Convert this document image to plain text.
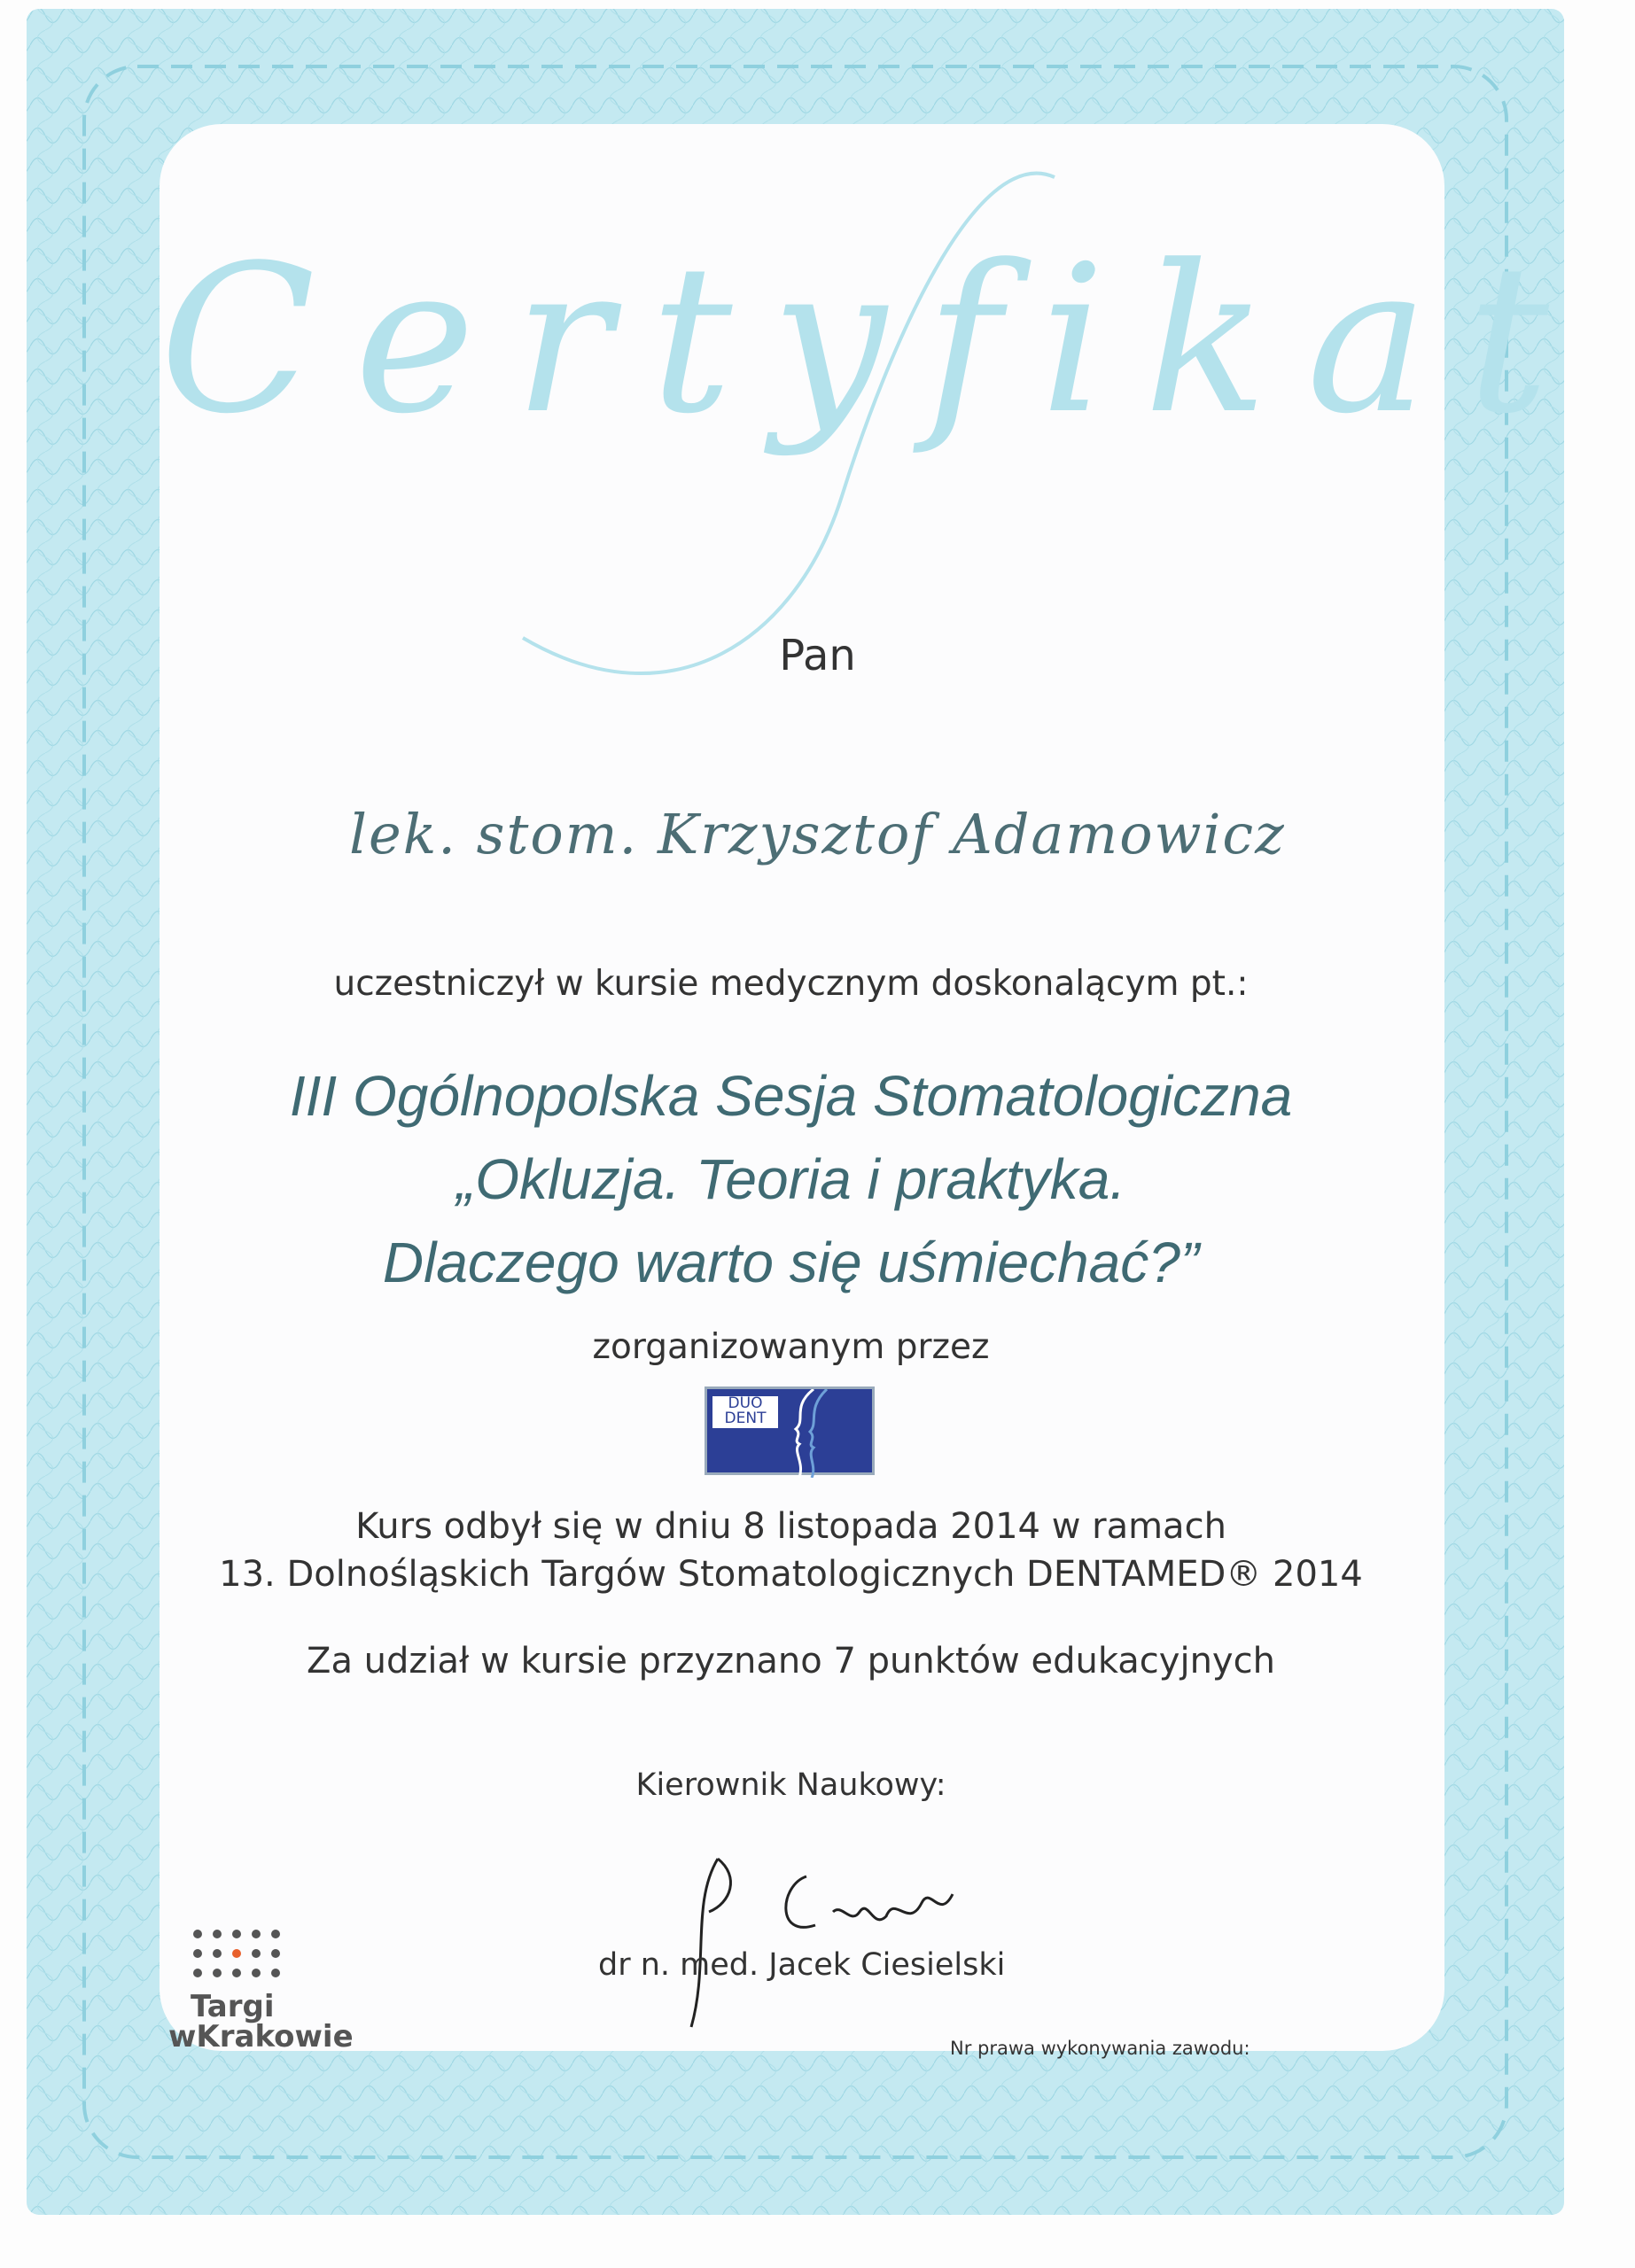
Certyfikat
Pan
lek. stom. Krzysztof Adamowicz
uczestniczył w kursie medycznym doskonalącym pt.:
III Ogólnopolska Sesja Stomatologiczna
„Okluzja. Teoria i praktyka.
Dlaczego warto się uśmiechać?”
zorganizowanym przez
DUO
DENT
Kurs odbył się w dniu 8 listopada 2014 w ramach
13. Dolnośląskich Targów Stomatologicznych DENTAMED® 2014
Za udział w kursie przyznano 7 punktów edukacyjnych
Kierownik Naukowy:
dr n. med. Jacek Ciesielski
Nr prawa wykonywania zawodu:
Targi
wKrakowie
